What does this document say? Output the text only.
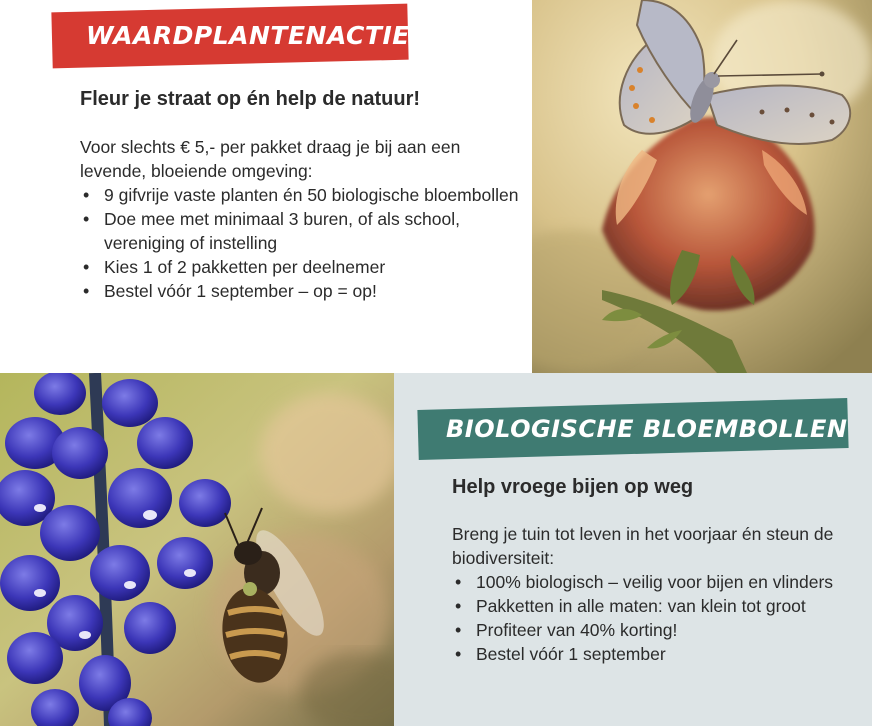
WAARDPLANTENACTIE
Fleur je straat op én help de natuur!

Voor slechts € 5,- per pakket draag je bij aan een levende, bloeiende omgeving:

• 9 gifvrije vaste planten én 50 biologische bloembollen
• Doe mee met minimaal 3 buren, of als school, vereniging of instelling
• Kies 1 of 2 pakketten per deelnemer
• Bestel vóór 1 september – op = op!
BIOLOGISCHE BLOEMBOLLEN
Help vroege bijen op weg

Breng je tuin tot leven in het voorjaar én steun de biodiversiteit:

• 100% biologisch – veilig voor bijen en vlinders
• Pakketten in alle maten: van klein tot groot
• Profiteer van 40% korting!
• Bestel vóór 1 september
